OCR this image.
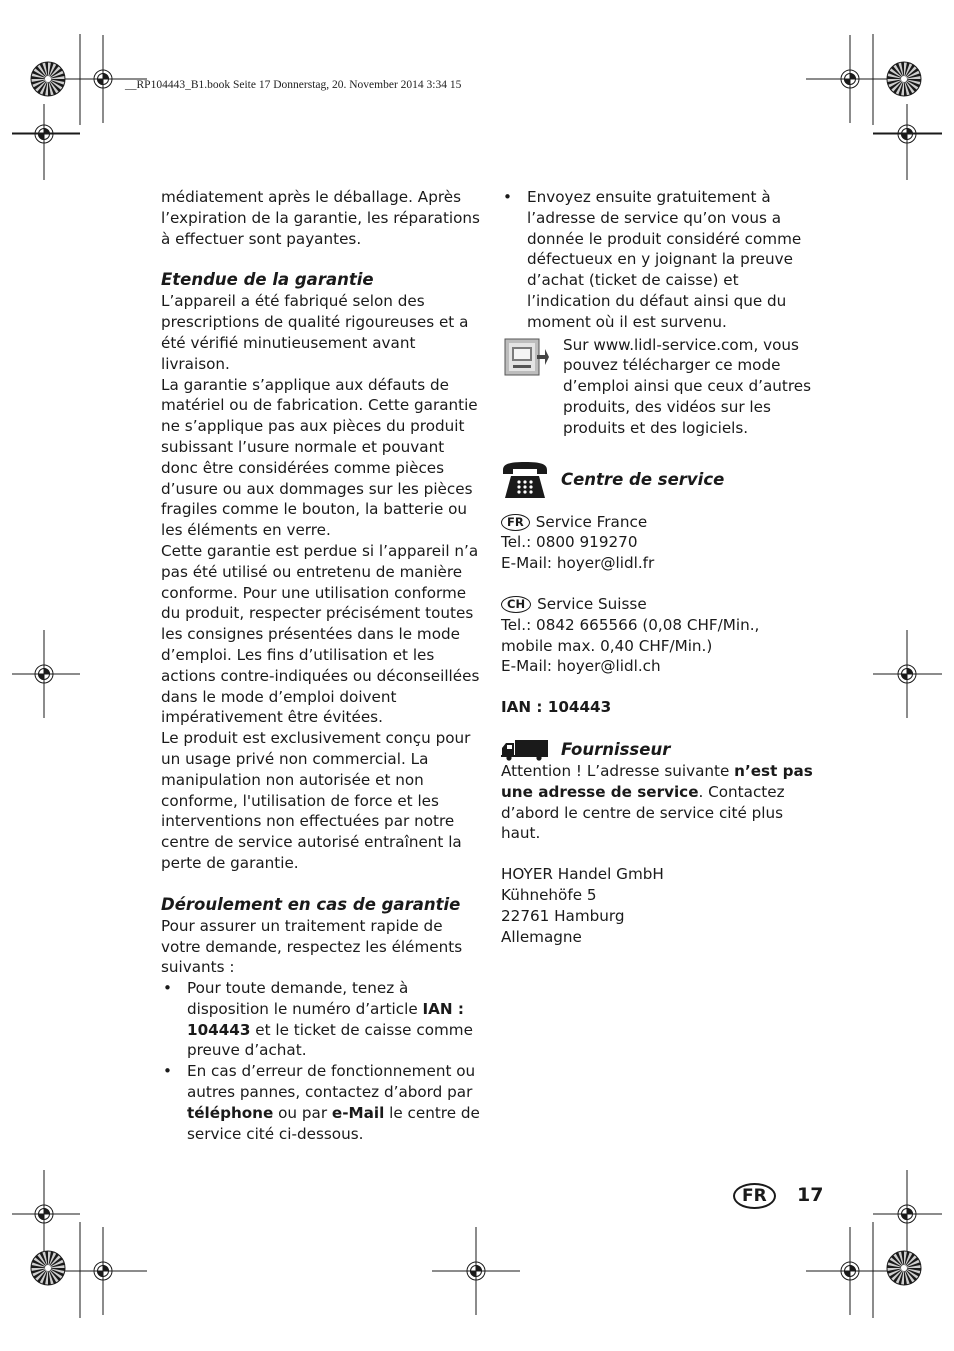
__RP104443_B1.book Seite 17 Donnerstag, 20. November 2014 3:34 15

médiatement après le déballage. Après l’expiration de la garantie, les réparations à effectuer sont payantes.

Etendue de la garantie

L’appareil a été fabriqué selon des prescriptions de qualité rigoureuses et a été vérifié minutieusement avant livraison.

La garantie s’applique aux défauts de matériel ou de fabrication. Cette garantie ne s’applique pas aux pièces du produit subissant l’usure normale et pouvant donc être considérées comme pièces d’usure ou aux dommages sur les pièces fragiles comme le bouton, la batterie ou les éléments en verre.

Cette garantie est perdue si l’appareil n’a pas été utilisé ou entretenu de manière conforme. Pour une utilisation conforme du produit, respecter précisément toutes les consignes présentées dans le mode d’emploi. Les fins d’utilisation et les actions contre-indiquées ou déconseillées dans le mode d’emploi doivent impérativement être évitées.

Le produit est exclusivement conçu pour un usage privé non commercial. La manipulation non autorisée et non conforme, l'utilisation de force et les interventions non effectuées par notre centre de service autorisé entraînent la perte de garantie.

Déroulement en cas de garantie

Pour assurer un traitement rapide de votre demande, respectez les éléments suivants :

• Pour toute demande, tenez à disposition le numéro d’article IAN : 104443 et le ticket de caisse comme preuve d’achat.
• En cas d’erreur de fonctionnement ou autres pannes, contactez d’abord par téléphone ou par e-Mail le centre de service cité ci-dessous.
• Envoyez ensuite gratuitement à l’adresse de service qu’on vous a donnée le produit considéré comme défectueux en y joignant la preuve d’achat (ticket de caisse) et l’indication du défaut ainsi que du moment où il est survenu.
Sur www.lidl-service.com, vous pouvez télécharger ce mode d’emploi ainsi que ceux d’autres produits, des vidéos sur les produits et des logiciels.
Centre de service

FR Service France

Tel.: 0800 919270

E-Mail: hoyer@lidl.fr

CH Service Suisse

Tel.: 0842 665566 (0,08 CHF/Min.,

mobile max. 0,40 CHF/Min.)

E-Mail: hoyer@lidl.ch

IAN : 104443

Fournisseur

Attention ! L’adresse suivante n’est pas une adresse de service. Contactez d’abord le centre de service cité plus haut.

HOYER Handel GmbH

Kühnehöfe 5

22761 Hamburg

Allemagne

FR	17
